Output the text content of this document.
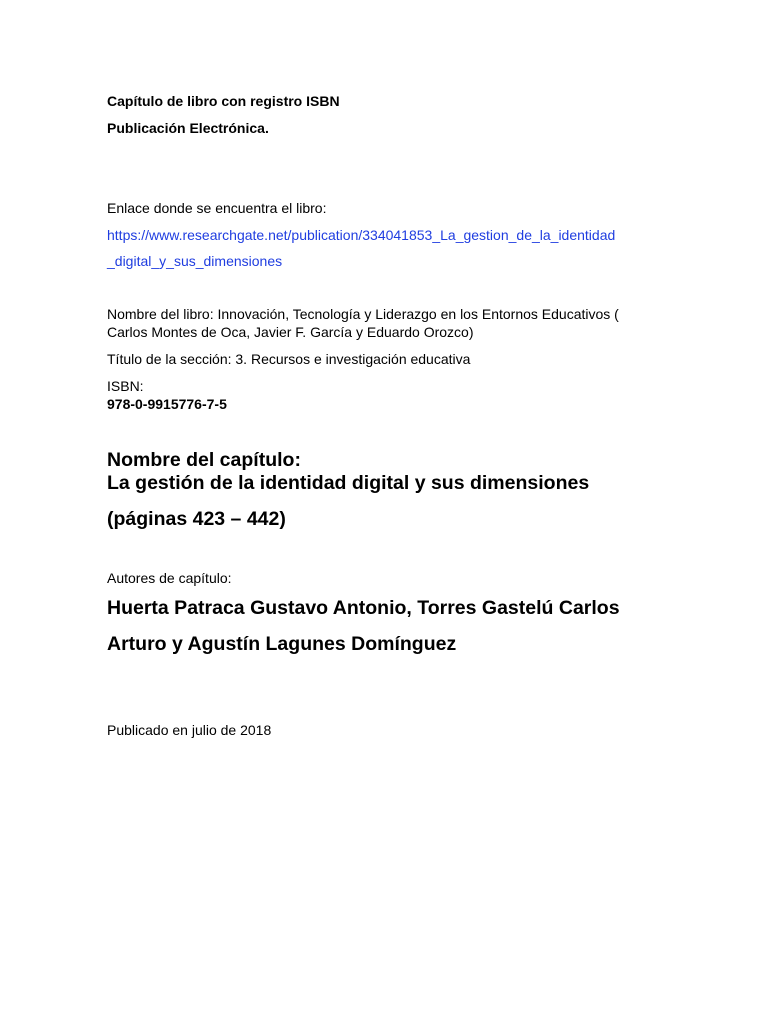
Capítulo de libro con registro ISBN
Publicación Electrónica.
Enlace donde se encuentra el libro:
https://www.researchgate.net/publication/334041853_La_gestion_de_la_identidad
_digital_y_sus_dimensiones
Nombre del libro: Innovación, Tecnología y Liderazgo en los Entornos Educativos (
Carlos Montes de Oca, Javier F. García y Eduardo Orozco)
Título de la sección: 3. Recursos e investigación educativa
ISBN:
978-0-9915776-7-5
Nombre del capítulo:
La gestión de la identidad digital y sus dimensiones
(páginas 423 – 442)
Autores de capítulo:
Huerta Patraca Gustavo Antonio, Torres Gastelú Carlos
Arturo y Agustín Lagunes Domínguez
Publicado en julio de 2018
